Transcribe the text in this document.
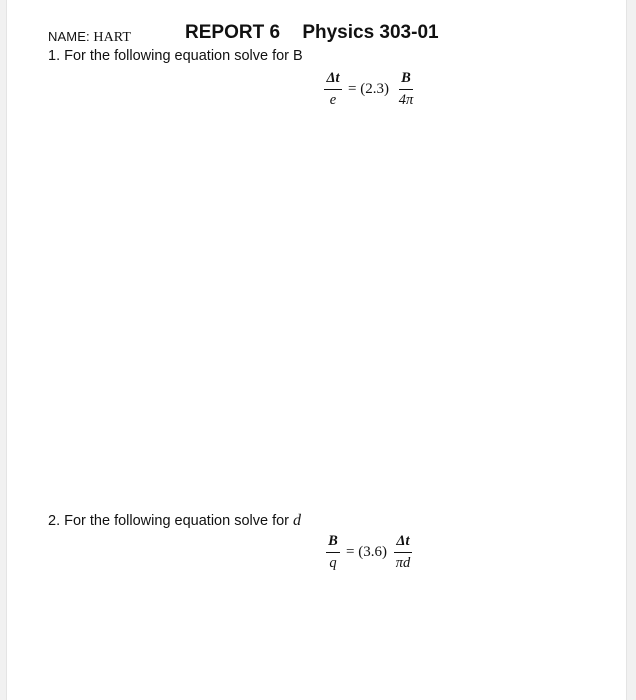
NAME: HART	REPORT 6 Physics 303-01
1. For the following equation solve for B
$\frac{\Delta t}{e} = (2.3) \frac{B}{4\pi}$
2. For the following equation solve for d
$\frac{B}{q} = (3.6) \frac{\Delta t}{\pi d}$
